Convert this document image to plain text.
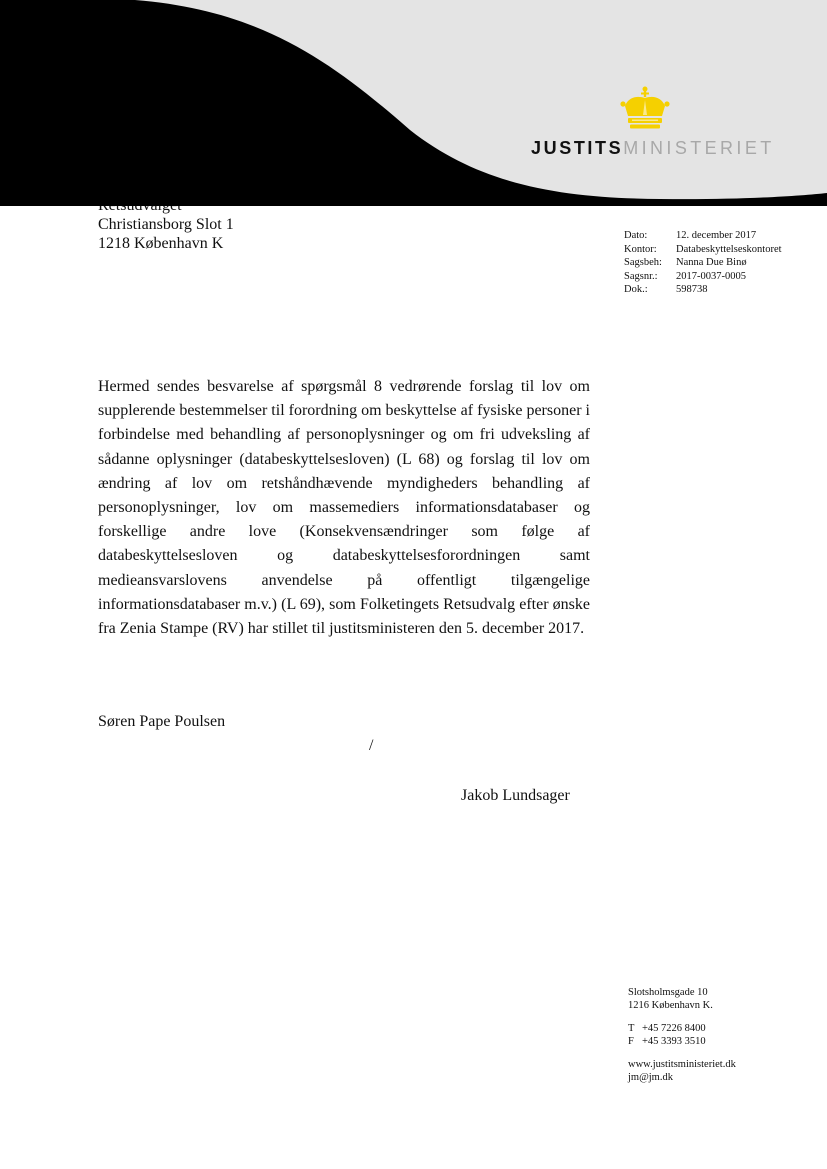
JUSTITSMINISTERIET
Christiansborg Slot 1
1218 København K	Dato:	12. december 2017
Kontor:	Databeskyttelseskontoret
Sagsbeh:	Nanna Due Binø
Sagsnr.:	2017-0037-0005
Dok.:	598738
Hermed sendes besvarelse af spørgsmål 8 vedrørende forslag til lov om supplerende bestemmelser til forordning om beskyttelse af fysiske personer i forbindelse med behandling af personoplysninger og om fri udveksling af sådanne oplysninger (databeskyttelsesloven) (L 68) og forslag til lov om ændring af lov om retshåndhævende myndigheders behandling af personoplysninger, lov om massemediers informationsdatabaser og forskellige andre love (Konsekvensændringer som følge af databeskyttelsesloven og databeskyttelsesforordningen samt medieansvarslovens anvendelse på offentligt tilgængelige informationsdatabaser m.v.) (L 69), som Folketingets Retsudvalg efter ønske fra Zenia Stampe (RV) har stillet til justitsministeren den 5. december 2017.
Søren Pape Poulsen
/
Jakob Lundsager
Slotsholmsgade 10
1216 København K.
T +45 7226 8400
F +45 3393 3510
www.justitsministeriet.dk
jm@jm.dk
